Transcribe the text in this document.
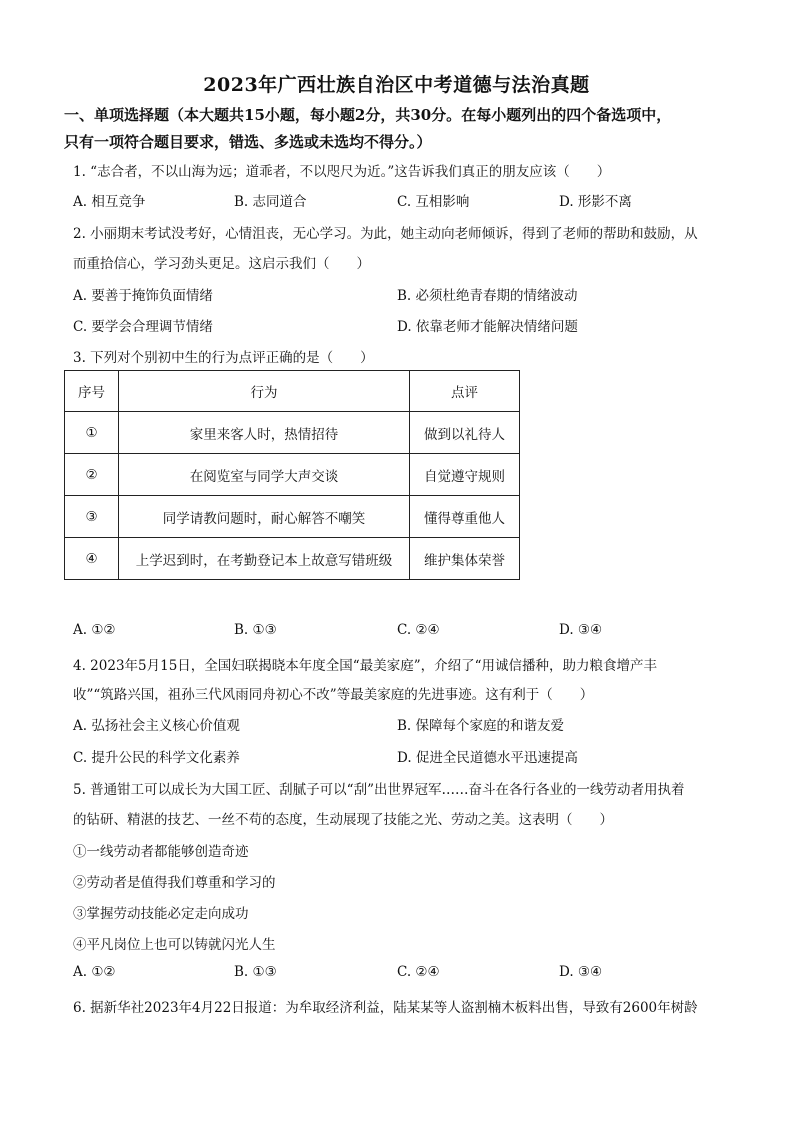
2023年广西壮族自治区中考道德与法治真题
一、单项选择题（本大题共15小题，每小题2分，共30分。在每小题列出的四个备选项中，
只有一项符合题目要求，错选、多选或未选均不得分。）
1. “志合者，不以山海为远；道乖者，不以咫尺为近。”这告诉我们真正的朋友应该（　　）
A. 相互竞争	B. 志同道合	C. 互相影响	D. 形影不离
2. 小丽期末考试没考好，心情沮丧，无心学习。为此，她主动向老师倾诉，得到了老师的帮助和鼓励，从
而重拾信心，学习劲头更足。这启示我们（　　）
A. 要善于掩饰负面情绪	B. 必须杜绝青春期的情绪波动
C. 要学会合理调节情绪	D. 依靠老师才能解决情绪问题
3. 下列对个别初中生的行为点评正确的是（　　）
序号	行为	点评
①	家里来客人时，热情招待	做到以礼待人
②	在阅览室与同学大声交谈	自觉遵守规则
③	同学请教问题时，耐心解答不嘲笑	懂得尊重他人
④	上学迟到时，在考勤登记本上故意写错班级	维护集体荣誉
A. ①②	B. ①③	C. ②④	D. ③④
4. 2023年5月15日，全国妇联揭晓本年度全国“最美家庭”，介绍了“用诚信播种，助力粮食增产丰
收”“筑路兴国，祖孙三代风雨同舟初心不改”等最美家庭的先进事迹。这有利于（　　）
A. 弘扬社会主义核心价值观	B. 保障每个家庭的和谐友爱
C. 提升公民的科学文化素养	D. 促进全民道德水平迅速提高
5. 普通钳工可以成长为大国工匠、刮腻子可以“刮”出世界冠军……奋斗在各行各业的一线劳动者用执着
的钻研、精湛的技艺、一丝不苟的态度，生动展现了技能之光、劳动之美。这表明（　　）
①一线劳动者都能够创造奇迹
②劳动者是值得我们尊重和学习的
③掌握劳动技能必定走向成功
④平凡岗位上也可以铸就闪光人生
A. ①②	B. ①③	C. ②④	D. ③④
6. 据新华社2023年4月22日报道：为牟取经济利益，陆某某等人盗割楠木板料出售，导致有2600年树龄
